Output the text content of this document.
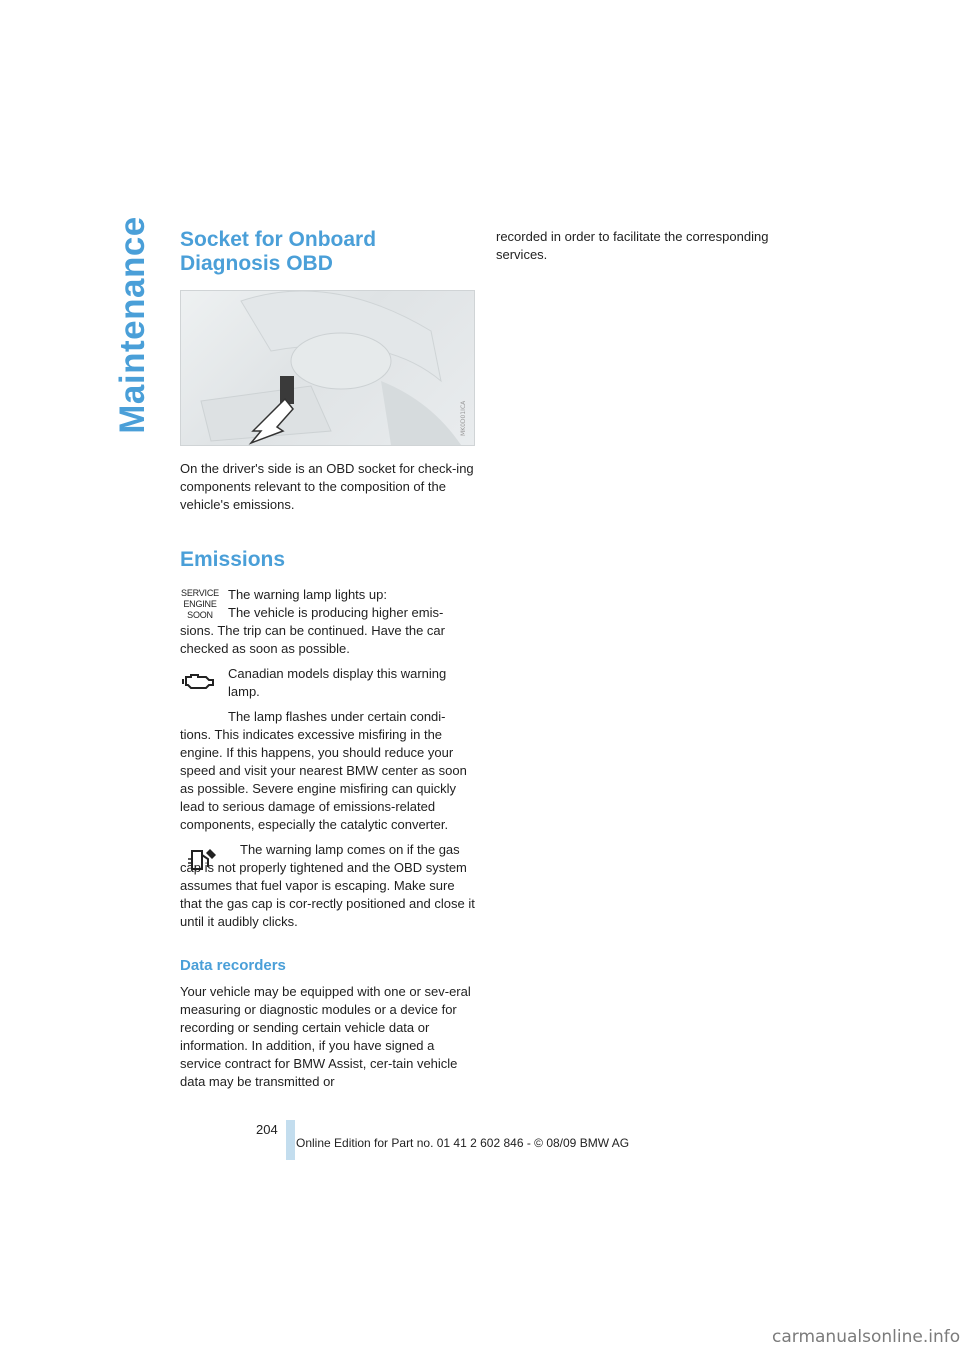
Maintenance Socket for Onboard
Diagnosis OBD
MK0D01ICA

On the driver's side is an OBD socket for check-ing components relevant to the composition of the vehicle's emissions.

Emissions
SERVICE
ENGINE
SOON

The warning lamp lights up:

The vehicle is producing higher emis-sions. The trip can be continued. Have the car checked as soon as possible.

Canadian models display this warning lamp.

The lamp flashes under certain condi-tions. This indicates excessive misfiring in the engine. If this happens, you should reduce your speed and visit your nearest BMW center as soon as possible. Severe engine misfiring can quickly lead to serious damage of emissions-related components, especially the catalytic converter.

The warning lamp comes on if the gas cap is not properly tightened and the OBD system assumes that fuel vapor is escaping. Make sure that the gas cap is cor-rectly positioned and close it until it audibly clicks.

Data recorders

Your vehicle may be equipped with one or sev-eral measuring or diagnostic modules or a device for recording or sending certain vehicle data or information. In addition, if you have signed a service contract for BMW Assist, cer-tain vehicle data may be transmitted or

recorded in order to facilitate the corresponding services.

204
Online Edition for Part no. 01 41 2 602 846 - © 08/09 BMW AG
carmanualsonline.info
